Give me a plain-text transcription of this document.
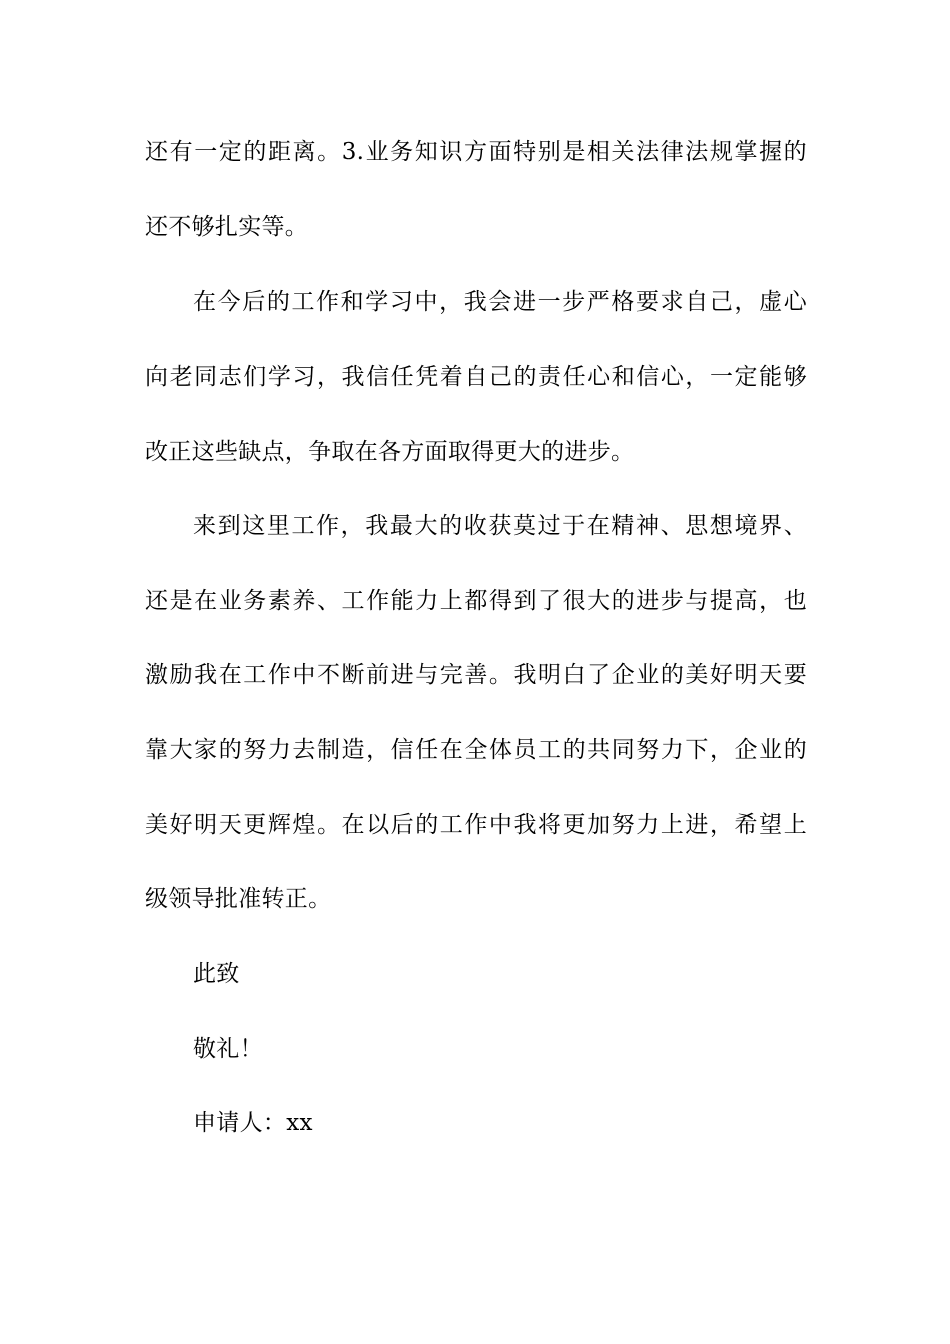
还有一定的距离。3.业务知识方面特别是相关法律法规掌握的
还不够扎实等。
在今后的工作和学习中，我会进一步严格要求自己，虚心
向老同志们学习，我信任凭着自己的责任心和信心，一定能够
改正这些缺点，争取在各方面取得更大的进步。
来到这里工作，我最大的收获莫过于在精神、思想境界、
还是在业务素养、工作能力上都得到了很大的进步与提高，也
激励我在工作中不断前进与完善。我明白了企业的美好明天要
靠大家的努力去制造，信任在全体员工的共同努力下，企业的
美好明天更辉煌。在以后的工作中我将更加努力上进，希望上
级领导批准转正。
此致
敬礼！
申请人：xx
